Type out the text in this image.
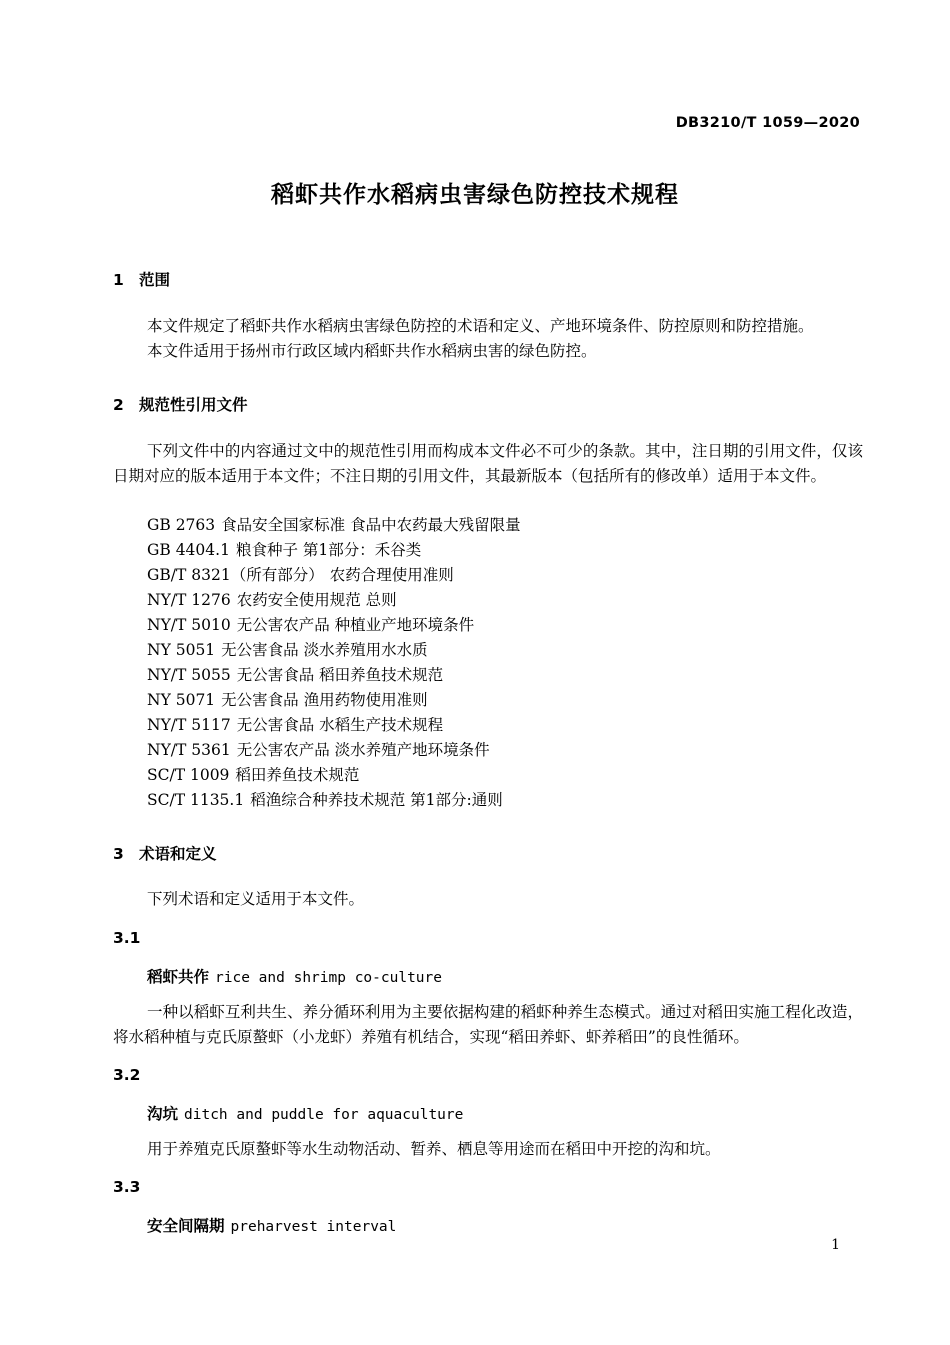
DB3210/T 1059—2020
稻虾共作水稻病虫害绿色防控技术规程
1 范围
本文件规定了稻虾共作水稻病虫害绿色防控的术语和定义、产地环境条件、防控原则和防控措施。
本文件适用于扬州市行政区域内稻虾共作水稻病虫害的绿色防控。
2 规范性引用文件
下列文件中的内容通过文中的规范性引用而构成本文件必不可少的条款。其中，注日期的引用文件，仅该日期对应的版本适用于本文件；不注日期的引用文件，其最新版本（包括所有的修改单）适用于本文件。
GB 2763 食品安全国家标准 食品中农药最大残留限量
GB 4404.1 粮食种子 第1部分：禾谷类
GB/T 8321（所有部分） 农药合理使用准则
NY/T 1276 农药安全使用规范 总则
NY/T 5010 无公害农产品 种植业产地环境条件
NY 5051 无公害食品 淡水养殖用水水质
NY/T 5055 无公害食品 稻田养鱼技术规范
NY 5071 无公害食品 渔用药物使用准则
NY/T 5117 无公害食品 水稻生产技术规程
NY/T 5361 无公害农产品 淡水养殖产地环境条件
SC/T 1009 稻田养鱼技术规范
SC/T 1135.1 稻渔综合种养技术规范 第1部分:通则
3 术语和定义
下列术语和定义适用于本文件。
3.1
稻虾共作 rice and shrimp co-culture
一种以稻虾互利共生、养分循环利用为主要依据构建的稻虾种养生态模式。通过对稻田实施工程化改造，将水稻种植与克氏原螯虾（小龙虾）养殖有机结合，实现“稻田养虾、虾养稻田”的良性循环。
3.2
沟坑 ditch and puddle for aquaculture
用于养殖克氏原螯虾等水生动物活动、暂养、栖息等用途而在稻田中开挖的沟和坑。
3.3
安全间隔期 preharvest interval
1
